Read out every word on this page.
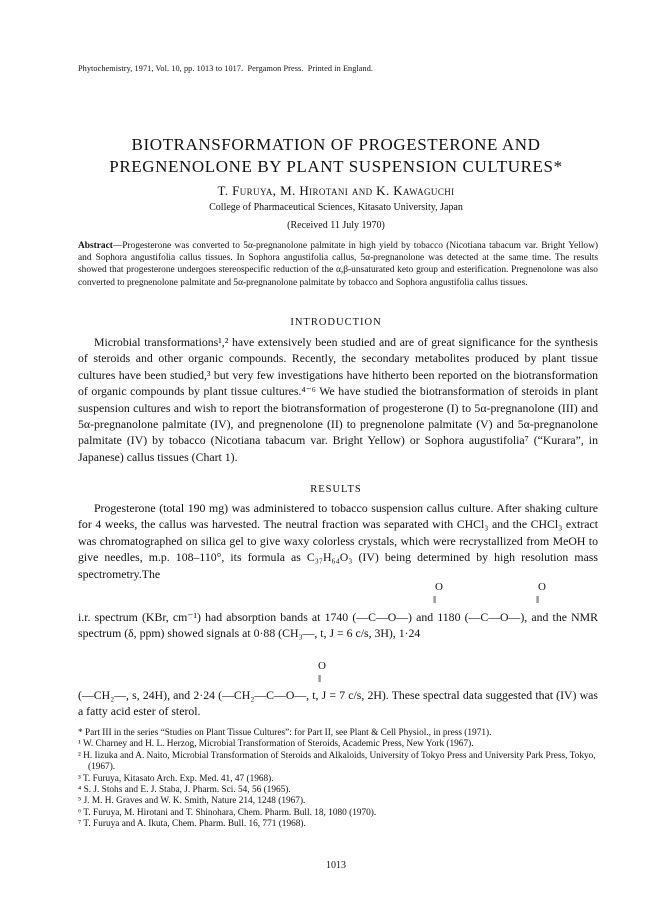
Phytochemistry, 1971, Vol. 10, pp. 1013 to 1017.  Pergamon Press.  Printed in England.
BIOTRANSFORMATION OF PROGESTERONE AND
PREGNENOLONE BY PLANT SUSPENSION CULTURES*
T. Furuya, M. Hirotani and K. Kawaguchi
College of Pharmaceutical Sciences, Kitasato University, Japan
(Received 11 July 1970)
Abstract—Progesterone was converted to 5α-pregnanolone palmitate in high yield by tobacco (Nicotiana tabacum var. Bright Yellow) and Sophora angustifolia callus tissues. In Sophora angustifolia callus, 5α-pregnanolone was detected at the same time. The results showed that progesterone undergoes stereospecific reduction of the α,β-unsaturated keto group and esterification. Pregnenolone was also converted to pregnenolone palmitate and 5α-pregnanolone palmitate by tobacco and Sophora angustifolia callus tissues.
INTRODUCTION
Microbial transformations¹,² have extensively been studied and are of great significance for the synthesis of steroids and other organic compounds. Recently, the secondary metabolites produced by plant tissue cultures have been studied,³ but very few investigations have hitherto been reported on the biotransformation of organic compounds by plant tissue cultures.⁴⁻⁶ We have studied the biotransformation of steroids in plant suspension cultures and wish to report the biotransformation of progesterone (I) to 5α-pregnanolone (III) and 5α-pregnanolone palmitate (IV), and pregnenolone (II) to pregnenolone palmitate (V) and 5α-pregnanolone palmitate (IV) by tobacco (Nicotiana tabacum var. Bright Yellow) or Sophora augustifolia⁷ (“Kurara”, in Japanese) callus tissues (Chart 1).
RESULTS
Progesterone (total 190 mg) was administered to tobacco suspension callus culture. After shaking culture for 4 weeks, the callus was harvested. The neutral fraction was separated with CHCl₃ and the CHCl₃ extract was chromatographed on silica gel to give waxy colorless crystals, which were recrystallized from MeOH to give needles, m.p. 108–110°, its formula as C₃₇H₆₄O₃ (IV) being determined by high resolution mass spectrometry.The
O	O
‖	‖
i.r. spectrum (KBr, cm⁻¹) had absorption bands at 1740 (—C—O—) and 1180 (—C—O—), and the NMR spectrum (δ, ppm) showed signals at 0·88 (CH₃—, t, J = 6 c/s, 3H), 1·24
O
‖
(—CH₂—, s, 24H), and 2·24 (—CH₂—C—O—, t, J = 7 c/s, 2H). These spectral data suggested that (IV) was a fatty acid ester of sterol.

* Part III in the series “Studies on Plant Tissue Cultures”: for Part II, see Plant & Cell Physiol., in press (1971).

¹ W. Charney and H. L. Herzog, Microbial Transformation of Steroids, Academic Press, New York (1967).

² H. Iizuka and A. Naito, Microbial Transformation of Steroids and Alkaloids, University of Tokyo Press and University Park Press, Tokyo, (1967).

³ T. Furuya, Kitasato Arch. Exp. Med. 41, 47 (1968).

⁴ S. J. Stohs and E. J. Staba, J. Pharm. Sci. 54, 56 (1965).

⁵ J. M. H. Graves and W. K. Smith, Nature 214, 1248 (1967).

⁶ T. Furuya, M. Hirotani and T. Shinohara, Chem. Pharm. Bull. 18, 1080 (1970).

⁷ T. Furuya and A. Ikuta, Chem. Pharm. Bull. 16, 771 (1968).

1013
